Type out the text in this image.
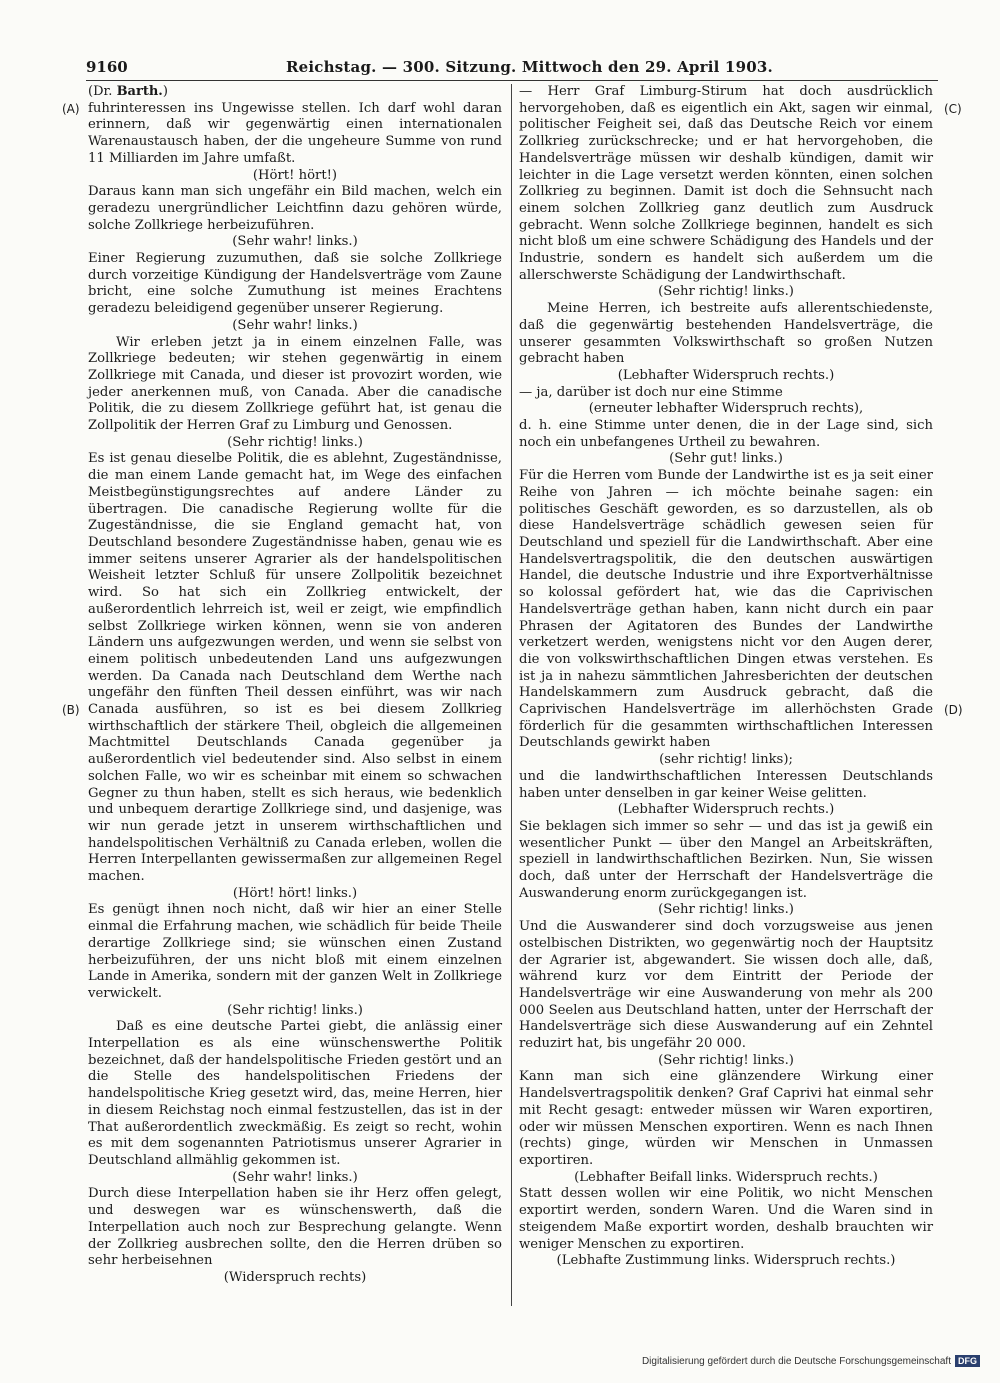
9160	Reichstag. — 300. Sitzung. Mittwoch den 29. April 1903.
(A)
(B)
(C)
(D)

(Dr. Barth.)

fuhrinteressen ins Ungewisse stellen. Ich darf wohl daran erinnern, daß wir gegenwärtig einen internationalen Warenaustausch haben, der die ungeheure Summe von rund 11 Milliarden im Jahre umfaßt.

(Hört! hört!)

Daraus kann man sich ungefähr ein Bild machen, welch ein geradezu unergründlicher Leichtfinn dazu gehören würde, solche Zollkriege herbeizuführen.

(Sehr wahr! links.)

Einer Regierung zuzumuthen, daß sie solche Zollkriege durch vorzeitige Kündigung der Handelsverträge vom Zaune bricht, eine solche Zumuthung ist meines Erachtens geradezu beleidigend gegenüber unserer Regierung.

(Sehr wahr! links.)

Wir erleben jetzt ja in einem einzelnen Falle, was Zollkriege bedeuten; wir stehen gegenwärtig in einem Zollkriege mit Canada, und dieser ist provozirt worden, wie jeder anerkennen muß, von Canada. Aber die canadische Politik, die zu diesem Zollkriege geführt hat, ist genau die Zollpolitik der Herren Graf zu Limburg und Genossen.

(Sehr richtig! links.)

Es ist genau dieselbe Politik, die es ablehnt, Zugeständnisse, die man einem Lande gemacht hat, im Wege des einfachen Meistbegünstigungsrechtes auf andere Länder zu übertragen. Die canadische Regierung wollte für die Zugeständnisse, die sie England gemacht hat, von Deutschland besondere Zugeständnisse haben, genau wie es immer seitens unserer Agrarier als der handelspolitischen Weisheit letzter Schluß für unsere Zollpolitik bezeichnet wird. So hat sich ein Zollkrieg entwickelt, der außerordentlich lehrreich ist, weil er zeigt, wie empfindlich selbst Zollkriege wirken können, wenn sie von anderen Ländern uns aufgezwungen werden, und wenn sie selbst von einem politisch unbedeutenden Land uns aufgezwungen werden. Da Canada nach Deutschland dem Werthe nach ungefähr den fünften Theil dessen einführt, was wir nach Canada ausführen, so ist es bei diesem Zollkrieg wirthschaftlich der stärkere Theil, obgleich die allgemeinen Machtmittel Deutschlands Canada gegenüber ja außerordentlich viel bedeutender sind. Also selbst in einem solchen Falle, wo wir es scheinbar mit einem so schwachen Gegner zu thun haben, stellt es sich heraus, wie bedenklich und unbequem derartige Zollkriege sind, und dasjenige, was wir nun gerade jetzt in unserem wirthschaftlichen und handelspolitischen Verhältniß zu Canada erleben, wollen die Herren Interpellanten gewissermaßen zur allgemeinen Regel machen.

(Hört! hört! links.)

Es genügt ihnen noch nicht, daß wir hier an einer Stelle einmal die Erfahrung machen, wie schädlich für beide Theile derartige Zollkriege sind; sie wünschen einen Zustand herbeizuführen, der uns nicht bloß mit einem einzelnen Lande in Amerika, sondern mit der ganzen Welt in Zollkriege verwickelt.

(Sehr richtig! links.)

Daß es eine deutsche Partei giebt, die anlässig einer Interpellation es als eine wünschenswerthe Politik bezeichnet, daß der handelspolitische Frieden gestört und an die Stelle des handelspolitischen Friedens der handelspolitische Krieg gesetzt wird, das, meine Herren, hier in diesem Reichstag noch einmal festzustellen, das ist in der That außerordentlich zweckmäßig. Es zeigt so recht, wohin es mit dem sogenannten Patriotismus unserer Agrarier in Deutschland allmählig gekommen ist.

(Sehr wahr! links.)

Durch diese Interpellation haben sie ihr Herz offen gelegt, und deswegen war es wünschenswerth, daß die Interpellation auch noch zur Besprechung gelangte. Wenn der Zollkrieg ausbrechen sollte, den die Herren drüben so sehr herbeisehnen

(Widerspruch rechts)

— Herr Graf Limburg-Stirum hat doch ausdrücklich hervorgehoben, daß es eigentlich ein Akt, sagen wir einmal, politischer Feigheit sei, daß das Deutsche Reich vor einem Zollkrieg zurückschrecke; und er hat hervorgehoben, die Handelsverträge müssen wir deshalb kündigen, damit wir leichter in die Lage versetzt werden könnten, einen solchen Zollkrieg zu beginnen. Damit ist doch die Sehnsucht nach einem solchen Zollkrieg ganz deutlich zum Ausdruck gebracht. Wenn solche Zollkriege beginnen, handelt es sich nicht bloß um eine schwere Schädigung des Handels und der Industrie, sondern es handelt sich außerdem um die allerschwerste Schädigung der Landwirthschaft.

(Sehr richtig! links.)

Meine Herren, ich bestreite aufs allerentschiedenste, daß die gegenwärtig bestehenden Handelsverträge, die unserer gesammten Volkswirthschaft so großen Nutzen gebracht haben

(Lebhafter Widerspruch rechts.)

— ja, darüber ist doch nur eine Stimme

(erneuter lebhafter Widerspruch rechts),

d. h. eine Stimme unter denen, die in der Lage sind, sich noch ein unbefangenes Urtheil zu bewahren.

(Sehr gut! links.)

Für die Herren vom Bunde der Landwirthe ist es ja seit einer Reihe von Jahren — ich möchte beinahe sagen: ein politisches Geschäft geworden, es so darzustellen, als ob diese Handelsverträge schädlich gewesen seien für Deutschland und speziell für die Landwirthschaft. Aber eine Handelsvertragspolitik, die den deutschen auswärtigen Handel, die deutsche Industrie und ihre Exportverhältnisse so kolossal gefördert hat, wie das die Caprivischen Handelsverträge gethan haben, kann nicht durch ein paar Phrasen der Agitatoren des Bundes der Landwirthe verketzert werden, wenigstens nicht vor den Augen derer, die von volkswirthschaftlichen Dingen etwas verstehen. Es ist ja in nahezu sämmtlichen Jahresberichten der deutschen Handelskammern zum Ausdruck gebracht, daß die Caprivischen Handelsverträge im allerhöchsten Grade förderlich für die gesammten wirthschaftlichen Interessen Deutschlands gewirkt haben

(sehr richtig! links);

und die landwirthschaftlichen Interessen Deutschlands haben unter denselben in gar keiner Weise gelitten.

(Lebhafter Widerspruch rechts.)

Sie beklagen sich immer so sehr — und das ist ja gewiß ein wesentlicher Punkt — über den Mangel an Arbeitskräften, speziell in landwirthschaftlichen Bezirken. Nun, Sie wissen doch, daß unter der Herrschaft der Handelsverträge die Auswanderung enorm zurückgegangen ist.

(Sehr richtig! links.)

Und die Auswanderer sind doch vorzugsweise aus jenen ostelbischen Distrikten, wo gegenwärtig noch der Hauptsitz der Agrarier ist, abgewandert. Sie wissen doch alle, daß, während kurz vor dem Eintritt der Periode der Handelsverträge wir eine Auswanderung von mehr als 200 000 Seelen aus Deutschland hatten, unter der Herrschaft der Handelsverträge sich diese Auswanderung auf ein Zehntel reduzirt hat, bis ungefähr 20 000.

(Sehr richtig! links.)

Kann man sich eine glänzendere Wirkung einer Handelsvertragspolitik denken? Graf Caprivi hat einmal sehr mit Recht gesagt: entweder müssen wir Waren exportiren, oder wir müssen Menschen exportiren. Wenn es nach Ihnen (rechts) ginge, würden wir Menschen in Unmassen exportiren.

(Lebhafter Beifall links. Widerspruch rechts.)

Statt dessen wollen wir eine Politik, wo nicht Menschen exportirt werden, sondern Waren. Und die Waren sind in steigendem Maße exportirt worden, deshalb brauchten wir weniger Menschen zu exportiren.

(Lebhafte Zustimmung links. Widerspruch rechts.)

Digitalisierung gefördert durch die Deutsche Forschungsgemeinschaft DFG
